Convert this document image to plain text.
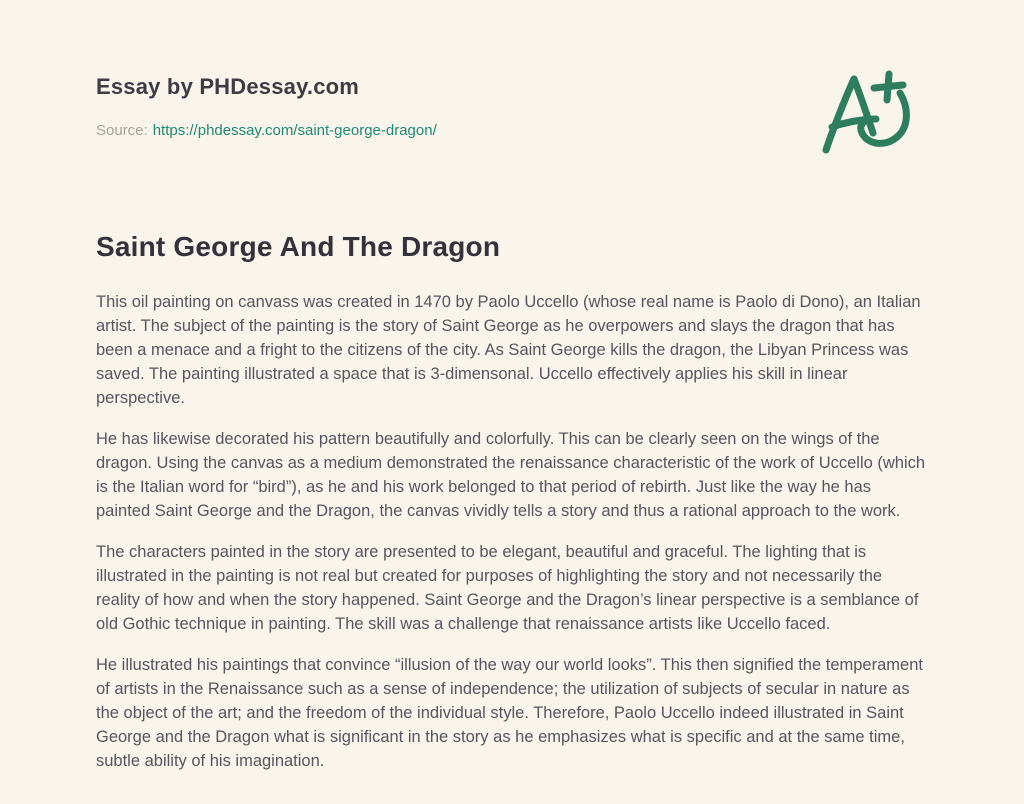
Essay by PHDessay.com

Source: https://phdessay.com/saint-george-dragon/

Saint George And The Dragon

This oil painting on canvass was created in 1470 by Paolo Uccello (whose real name is Paolo di Dono), an Italian artist. The subject of the painting is the story of Saint George as he overpowers and slays the dragon that has been a menace and a fright to the citizens of the city. As Saint George kills the dragon, the Libyan Princess was saved. The painting illustrated a space that is 3-dimensonal. Uccello effectively applies his skill in linear perspective.

He has likewise decorated his pattern beautifully and colorfully. This can be clearly seen on the wings of the dragon. Using the canvas as a medium demonstrated the renaissance characteristic of the work of Uccello (which is the Italian word for “bird”), as he and his work belonged to that period of rebirth. Just like the way he has painted Saint George and the Dragon, the canvas vividly tells a story and thus a rational approach to the work.

The characters painted in the story are presented to be elegant, beautiful and graceful. The lighting that is illustrated in the painting is not real but created for purposes of highlighting the story and not necessarily the reality of how and when the story happened. Saint George and the Dragon’s linear perspective is a semblance of old Gothic technique in painting. The skill was a challenge that renaissance artists like Uccello faced.

He illustrated his paintings that convince “illusion of the way our world looks”. This then signified the temperament of artists in the Renaissance such as a sense of independence; the utilization of subjects of secular in nature as the object of the art; and the freedom of the individual style. Therefore, Paolo Uccello indeed illustrated in Saint George and the Dragon what is significant in the story as he emphasizes what is specific and at the same time, subtle ability of his imagination.
